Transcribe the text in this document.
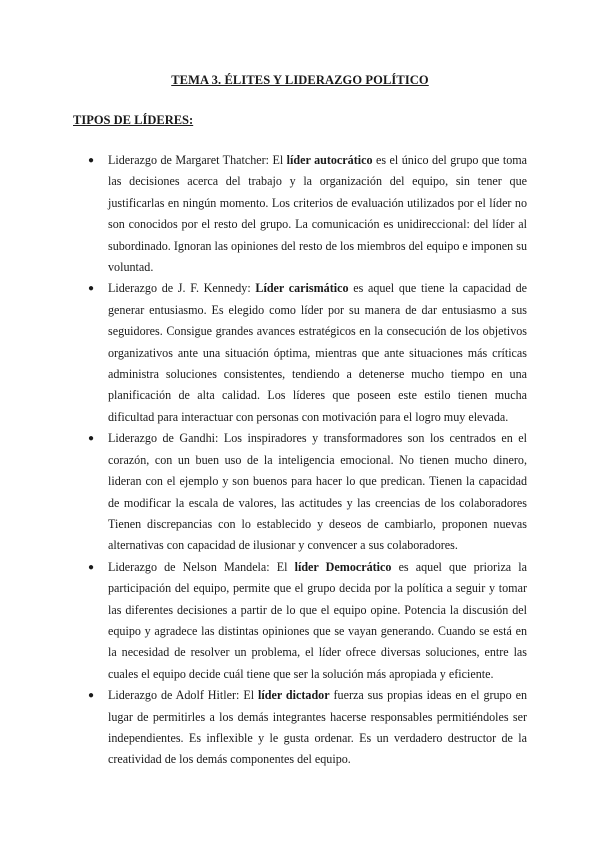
TEMA 3. ÉLITES Y LIDERAZGO POLÍTICO
TIPOS DE LÍDERES:
● Liderazgo de Margaret Thatcher: El líder autocrático es el único del grupo que toma las decisiones acerca del trabajo y la organización del equipo, sin tener que justificarlas en ningún momento. Los criterios de evaluación utilizados por el líder no son conocidos por el resto del grupo. La comunicación es unidireccional: del líder al subordinado. Ignoran las opiniones del resto de los miembros del equipo e imponen su voluntad.
● Liderazgo de J. F. Kennedy: Líder carismático es aquel que tiene la capacidad de generar entusiasmo. Es elegido como líder por su manera de dar entusiasmo a sus seguidores. Consigue grandes avances estratégicos en la consecución de los objetivos organizativos ante una situación óptima, mientras que ante situaciones más críticas administra soluciones consistentes, tendiendo a detenerse mucho tiempo en una planificación de alta calidad. Los líderes que poseen este estilo tienen mucha dificultad para interactuar con personas con motivación para el logro muy elevada.
● Liderazgo de Gandhi: Los inspiradores y transformadores son los centrados en el corazón, con un buen uso de la inteligencia emocional. No tienen mucho dinero, lideran con el ejemplo y son buenos para hacer lo que predican. Tienen la capacidad de modificar la escala de valores, las actitudes y las creencias de los colaboradores Tienen discrepancias con lo establecido y deseos de cambiarlo, proponen nuevas alternativas con capacidad de ilusionar y convencer a sus colaboradores.
● Liderazgo de Nelson Mandela: El líder Democrático es aquel que prioriza la participación del equipo, permite que el grupo decida por la política a seguir y tomar las diferentes decisiones a partir de lo que el equipo opine. Potencia la discusión del equipo y agradece las distintas opiniones que se vayan generando. Cuando se está en la necesidad de resolver un problema, el líder ofrece diversas soluciones, entre las cuales el equipo decide cuál tiene que ser la solución más apropiada y eficiente.
● Liderazgo de Adolf Hitler: El líder dictador fuerza sus propias ideas en el grupo en lugar de permitirles a los demás integrantes hacerse responsables permitiéndoles ser independientes. Es inflexible y le gusta ordenar. Es un verdadero destructor de la creatividad de los demás componentes del equipo.
